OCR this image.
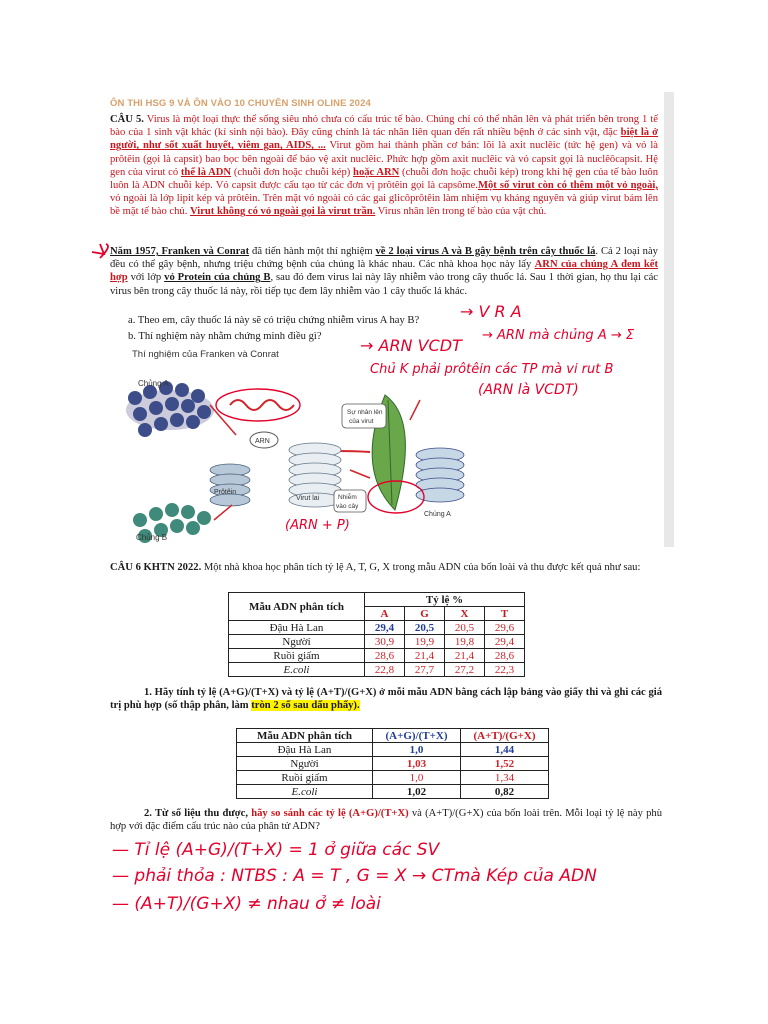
ÔN THI HSG 9 VÀ ÔN VÀO 10 CHUYÊN SINH OLINE 2024
CÂU 5. Virus là một loại thực thể sống siêu nhỏ chưa có cấu trúc tế bào. Chúng chỉ có thể nhân lên và phát triển bên trong 1 tế bào của 1 sinh vật khác (kí sinh nội bào). Đây cũng chính là tác nhân liên quan đến rất nhiều bệnh ở các sinh vật, đặc biệt là ở người, như sốt xuất huyết, viêm gan, AIDS, ... Virut gồm hai thành phần cơ bản: lõi là axit nuclêic (tức hệ gen) và vỏ là prôtêin (gọi là capsit) bao bọc bên ngoài để bảo vệ axit nuclêic. Phức hợp gồm axit nuclêic và vỏ capsit gọi là nuclêôcapsit. Hệ gen của virut có thể là ADN (chuỗi đơn hoặc chuỗi kép) hoặc ARN (chuỗi đơn hoặc chuỗi kép) trong khi hệ gen của tế bào luôn luôn là ADN chuỗi kép. Vỏ capsit được cấu tạo từ các đơn vị prôtêin gọi là capsôme.Một số virut còn có thêm một vỏ ngoài, vỏ ngoài là lớp lipit kép và prôtêin. Trên mặt vỏ ngoài có các gai glicôprôtêin làm nhiệm vụ kháng nguyên và giúp virut bám lên bề mặt tế bào chủ. Virut không có vỏ ngoài gọi là virut trần. Virus nhân lên trong tế bào của vật chủ.
Năm 1957, Franken và Conrat đã tiến hành một thí nghiệm về 2 loại virus A và B gây bệnh trên cây thuốc lá. Cả 2 loại này đều có thể gây bệnh, nhưng triệu chứng bệnh của chúng là khác nhau. Các nhà khoa học này lấy ARN của chủng A đem kết hợp với lớp vỏ Protein của chủng B, sau đó đem virus lai này lây nhiễm vào trong cây thuốc lá. Sau 1 thời gian, họ thu lại các virus bên trong cây thuốc lá này, rồi tiếp tục đem lây nhiễm vào 1 cây thuốc lá khác.
a. Theo em, cây thuốc lá này sẽ có triệu chứng nhiễm virus A hay B?
b. Thí nghiệm này nhằm chứng minh điều gì?
→ V R A
→ ARN VCDT
→ ARN mà chủng A → Σ
Chủ K phải prôtêin các TP mà vi rut B
(ARN là VCDT)
Thí nghiệm của Franken và Conrat
Chủng A
Chủng B
ARN
Prôtêin
Virut lai
Sự nhân lên
của virut
Nhiễm
vào cây
Chủng A
(ARN + P)
CÂU 6 KHTN 2022. Một nhà khoa học phân tích tỷ lệ A, T, G, X trong mẫu ADN của bốn loài và thu được kết quả như sau:
Mẫu ADN phân tích	Tỷ lệ %			
	A	G	X	T
Đậu Hà Lan	29,4	20,5	20,5	29,6
Người	30,9	19,9	19,8	29,4
Ruồi giấm	28,6	21,4	21,4	28,6
E.coli	22,8	27,7	27,2	22,3
1. Hãy tính tỷ lệ (A+G)/(T+X) và tỷ lệ (A+T)/(G+X) ở mỗi mẫu ADN bằng cách lập bảng vào giấy thi và ghi các giá trị phù hợp (số thập phân, làm tròn 2 số sau dấu phẩy).
Mẫu ADN phân tích	(A+G)/(T+X)	(A+T)/(G+X)
Đậu Hà Lan	1,0	1,44
Người	1,03	1,52
Ruồi giấm	1,0	1,34
E.coli	1,02	0,82
2. Từ số liệu thu được, hãy so sánh các tỷ lệ (A+G)/(T+X) và (A+T)/(G+X) của bốn loài trên. Mỗi loại tỷ lệ này phù hợp với đặc điểm cấu trúc nào của phân tử ADN?
— Tỉ lệ (A+G)/(T+X) = 1 ở giữa các SV
— phải thỏa : NTBS : A = T , G = X → CTmà Kép của ADN
— (A+T)/(G+X) ≠ nhau ở ≠ loài
